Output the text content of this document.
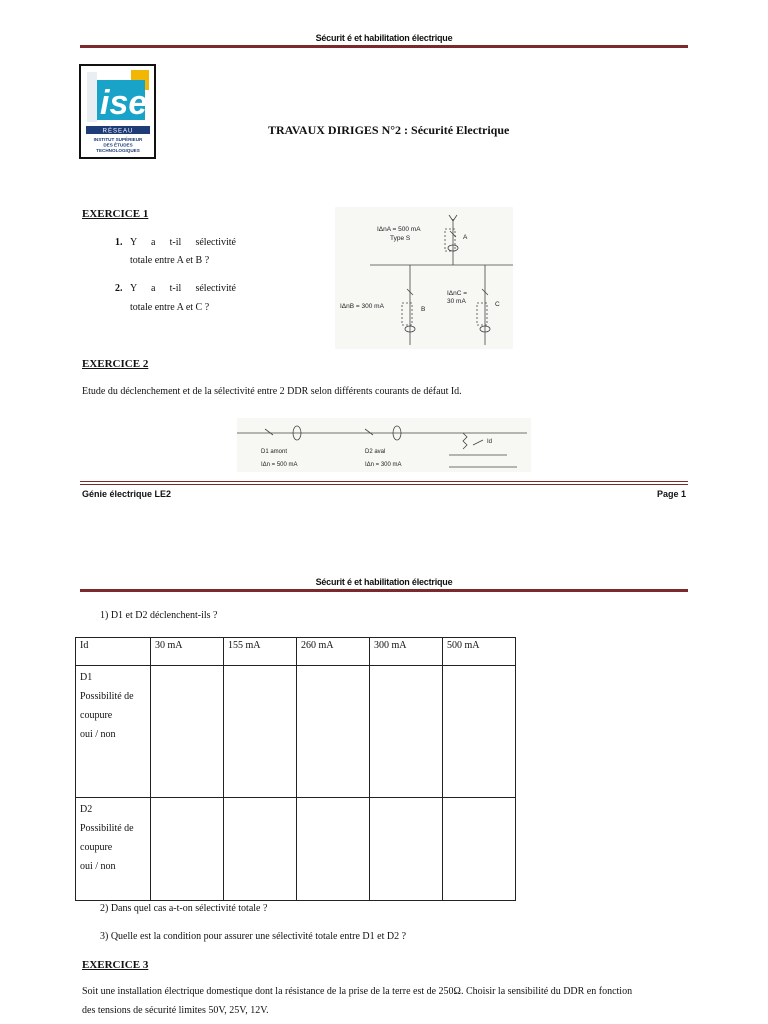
Sécurit é et habilitation électrique
iset
RÉSEAU
INSTITUT SUPÉRIEUR
DES ÉTUDES
TECHNOLOGIQUES
TRAVAUX DIRIGES N°2 : Sécurité Electrique
EXERCICE 1
1. Y a t-il sélectivité
totale entre A et B ?
2. Y a t-il sélectivité
totale entre A et C ?
IΔnA = 500 mA
Type S	A
IΔnB = 300 mA	B
IΔnC =
30 mA	C
EXERCICE 2
Etude du déclenchement et de la sélectivité entre 2 DDR selon différents courants de défaut Id.
D1 amont
IΔn = 500 mA
D2 aval
IΔn = 300 mA
Id
Génie électrique LE2	Page 1
Sécurit é et habilitation électrique
1) D1 et D2 déclenchent-ils ?
Id	30 mA	155 mA	260 mA	300 mA	500 mA

D1
Possibilité de
coupure
oui / non					

D2
Possibilité de
coupure
oui / non					

2) Dans quel cas a-t-on sélectivité totale ?
3) Quelle est la condition pour assurer une sélectivité totale entre D1 et D2 ?
EXERCICE 3
Soit une installation électrique domestique dont la résistance de la prise de la terre est de 250Ω. Choisir la sensibilité du DDR en fonction
des tensions de sécurité limites 50V, 25V, 12V.
